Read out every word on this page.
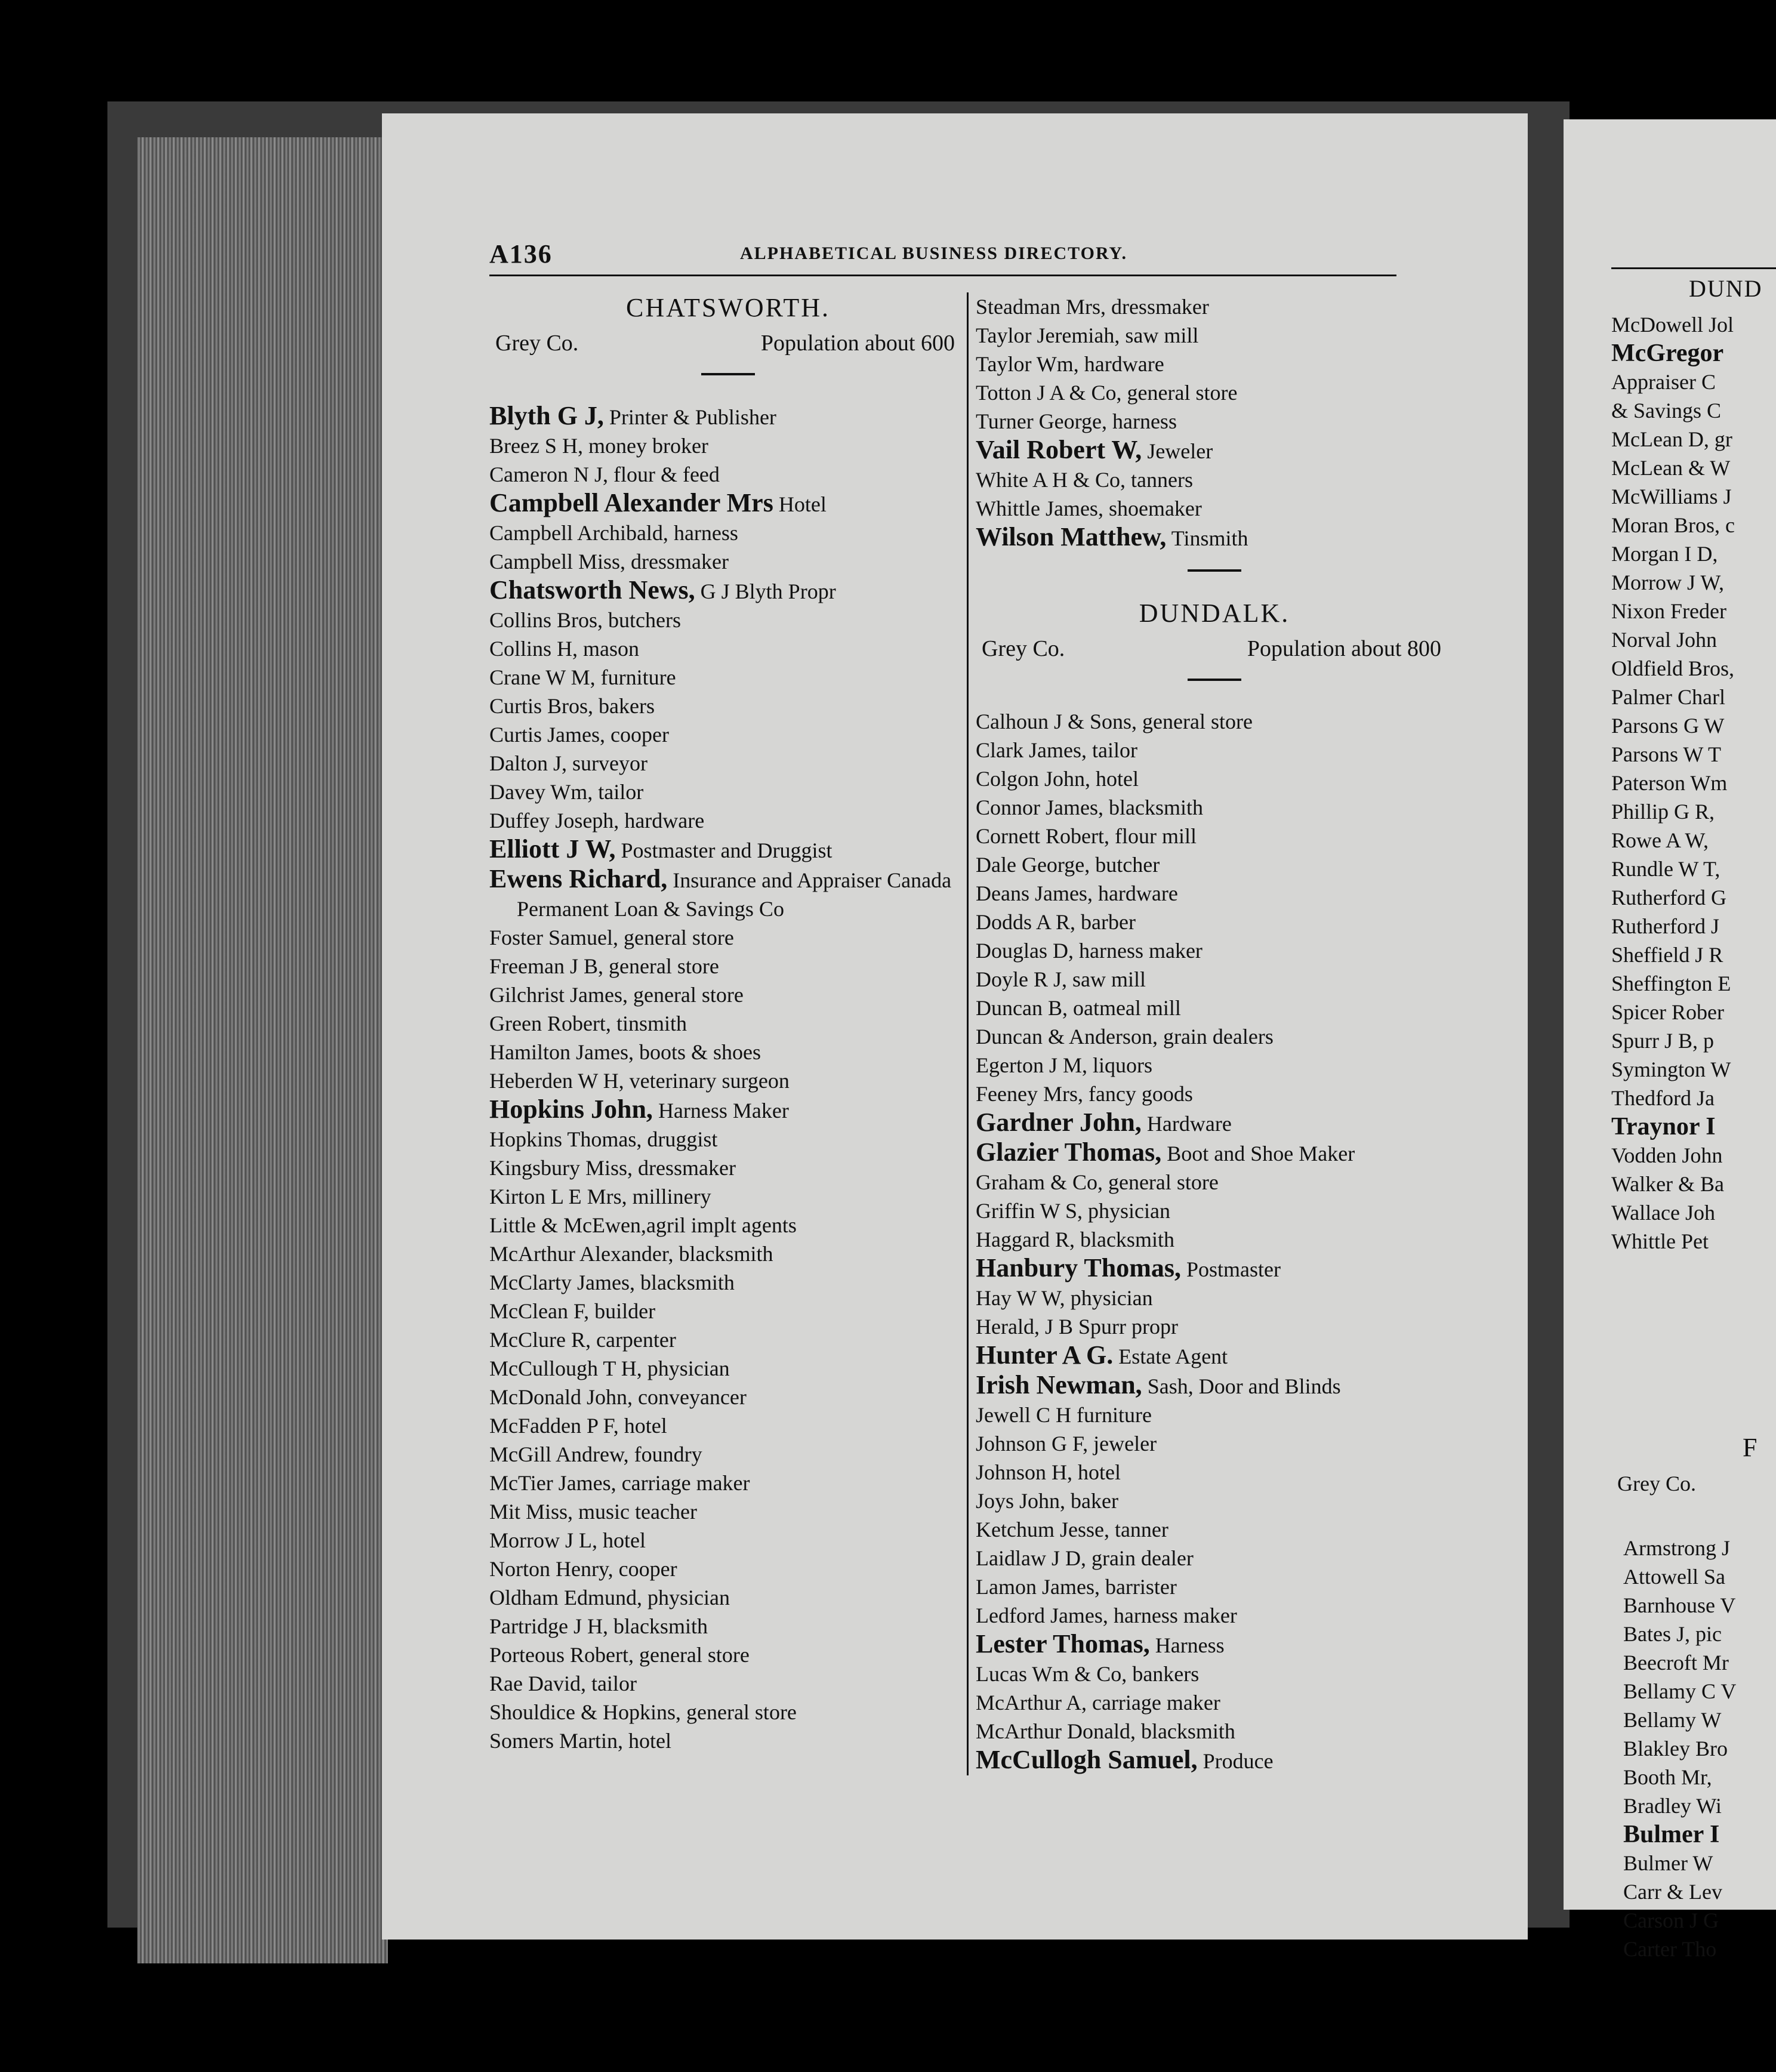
DUND
McDowell Jol
McGregor
Appraiser C
& Savings C
McLean D, gr
McLean & W
McWilliams J
Moran Bros, c
Morgan I D,
Morrow J W,
Nixon Freder
Norval John
Oldfield Bros,
Palmer Charl
Parsons G W
Parsons W T
Paterson Wm
Phillip G R,
Rowe A W,
Rundle W T,
Rutherford G
Rutherford J
Sheffield J R
Sheffington E
Spicer Rober
Spurr J B, p
Symington W
Thedford Ja
Traynor I
Vodden John
Walker & Ba
Wallace Joh
Whittle Pet
F
Grey Co.
Armstrong J
Attowell Sa
Barnhouse V
Bates J, pic
Beecroft Mr
Bellamy C V
Bellamy W
Blakley Bro
Booth Mr,
Bradley Wi
Bulmer I
Bulmer W
Carr & Lev
Carson J G
Carter Tho
A136	ALPHABETICAL BUSINESS DIRECTORY.
CHATSWORTH.
Grey Co.	Population about 600
Blyth G J, Printer & Publisher
Breez S H, money broker
Cameron N J, flour & feed
Campbell Alexander Mrs Hotel
Campbell Archibald, harness
Campbell Miss, dressmaker
Chatsworth News, G J Blyth Propr
Collins Bros, butchers
Collins H, mason
Crane W M, furniture
Curtis Bros, bakers
Curtis James, cooper
Dalton J, surveyor
Davey Wm, tailor
Duffey Joseph, hardware
Elliott J W, Postmaster and Druggist
Ewens Richard, Insurance and Appraiser Canada Permanent Loan & Savings Co
Foster Samuel, general store
Freeman J B, general store
Gilchrist James, general store
Green Robert, tinsmith
Hamilton James, boots & shoes
Heberden W H, veterinary surgeon
Hopkins John, Harness Maker
Hopkins Thomas, druggist
Kingsbury Miss, dressmaker
Kirton L E Mrs, millinery
Little & McEwen,agril implt agents
McArthur Alexander, blacksmith
McClarty James, blacksmith
McClean F, builder
McClure R, carpenter
McCullough T H, physician
McDonald John, conveyancer
McFadden P F, hotel
McGill Andrew, foundry
McTier James, carriage maker
Mit Miss, music teacher
Morrow J L, hotel
Norton Henry, cooper
Oldham Edmund, physician
Partridge J H, blacksmith
Porteous Robert, general store
Rae David, tailor
Shouldice & Hopkins, general store
Somers Martin, hotel
Steadman Mrs, dressmaker
Taylor Jeremiah, saw mill
Taylor Wm, hardware
Totton J A & Co, general store
Turner George, harness
Vail Robert W, Jeweler
White A H & Co, tanners
Whittle James, shoemaker
Wilson Matthew, Tinsmith
DUNDALK.
Grey Co.	Population about 800
Calhoun J & Sons, general store
Clark James, tailor
Colgon John, hotel
Connor James, blacksmith
Cornett Robert, flour mill
Dale George, butcher
Deans James, hardware
Dodds A R, barber
Douglas D, harness maker
Doyle R J, saw mill
Duncan B, oatmeal mill
Duncan & Anderson, grain dealers
Egerton J M, liquors
Feeney Mrs, fancy goods
Gardner John, Hardware
Glazier Thomas, Boot and Shoe Maker
Graham & Co, general store
Griffin W S, physician
Haggard R, blacksmith
Hanbury Thomas, Postmaster
Hay W W, physician
Herald, J B Spurr propr
Hunter A G. Estate Agent
Irish Newman, Sash, Door and Blinds
Jewell C H furniture
Johnson G F, jeweler
Johnson H, hotel
Joys John, baker
Ketchum Jesse, tanner
Laidlaw J D, grain dealer
Lamon James, barrister
Ledford James, harness maker
Lester Thomas, Harness
Lucas Wm & Co, bankers
McArthur A, carriage maker
McArthur Donald, blacksmith
McCullogh Samuel, Produce
